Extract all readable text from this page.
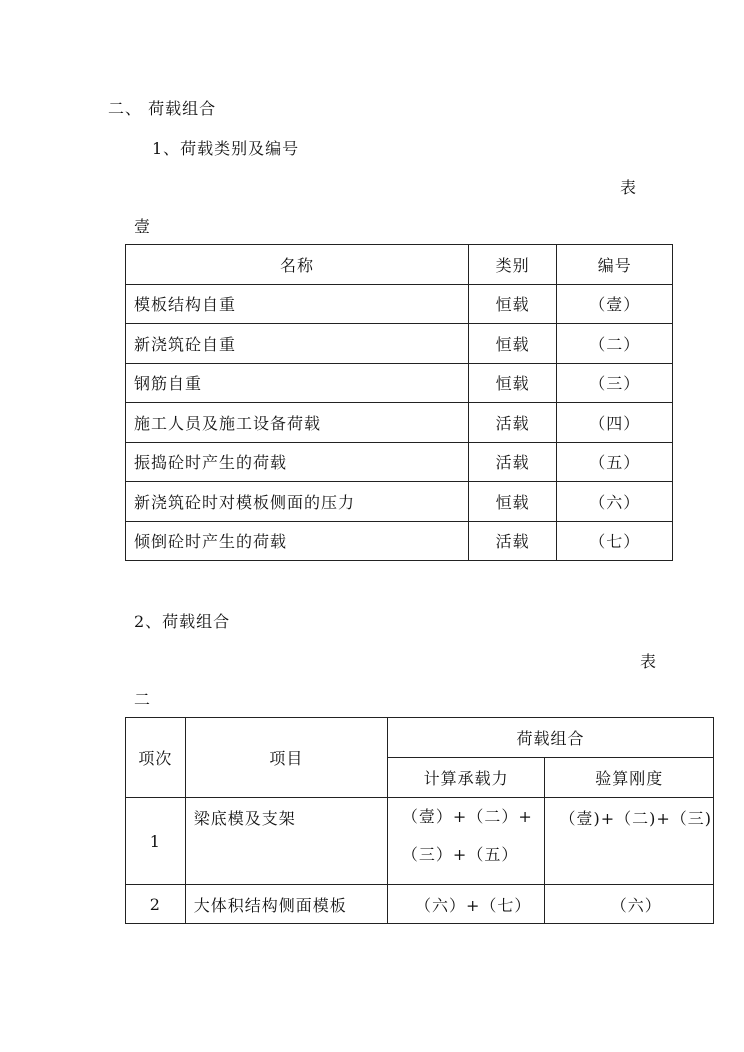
二、 荷载组合
1、荷载类别及编号
表
壹
名称	类别	编号
模板结构自重	恒载	（壹）
新浇筑砼自重	恒载	（二）
钢筋自重	恒载	（三）
施工人员及施工设备荷载	活载	（四）
振捣砼时产生的荷载	活载	（五）
新浇筑砼时对模板侧面的压力	恒载	（六）
倾倒砼时产生的荷载	活载	（七）
2、荷载组合
表
二
项次	项目	荷载组合	
		计算承载力	验算刚度
1	梁底模及支架	（壹）+（二）+
（三）+（五）	（壹)+（二)+（三)
2	大体积结构侧面模板	（六）+（七）	（六）
